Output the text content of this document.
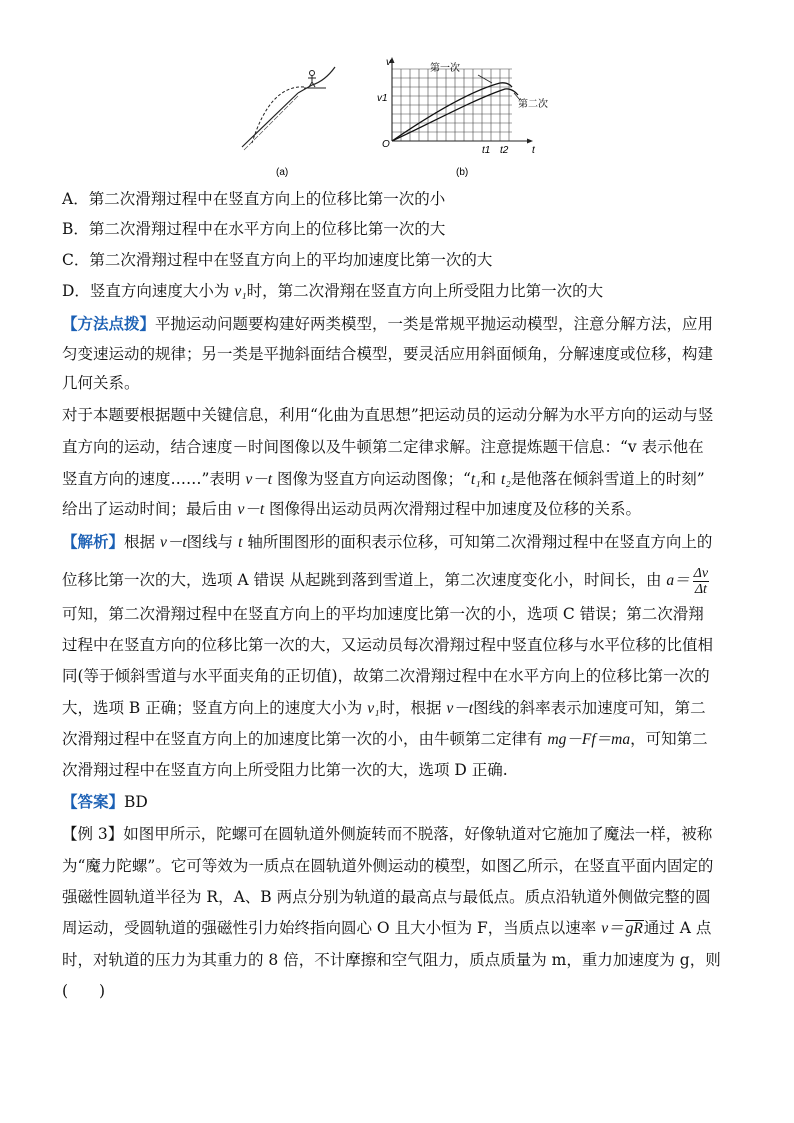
(a)
v
t
O
v1
t1 t2
第一次
第二次
(b)
A．第二次滑翔过程中在竖直方向上的位移比第一次的小
B．第二次滑翔过程中在水平方向上的位移比第一次的大
C．第二次滑翔过程中在竖直方向上的平均加速度比第一次的大
D．竖直方向速度大小为 v₁时，第二次滑翔在竖直方向上所受阻力比第一次的大
【方法点拨】平抛运动问题要构建好两类模型，一类是常规平抛运动模型，注意分解方法，应用
匀变速运动的规律；另一类是平抛斜面结合模型，要灵活应用斜面倾角，分解速度或位移，构建
几何关系。
对于本题要根据题中关键信息，利用“化曲为直思想”把运动员的运动分解为水平方向的运动与竖
直方向的运动，结合速度－时间图像以及牛顿第二定律求解。注意提炼题干信息：“v 表示他在
竖直方向的速度……”表明 v－t 图像为竖直方向运动图像；“t₁和 t₂是他落在倾斜雪道上的时刻”
给出了运动时间；最后由 v－t 图像得出运动员两次滑翔过程中加速度及位移的关系。
【解析】根据 v－t图线与 t 轴所围图形的面积表示位移，可知第二次滑翔过程中在竖直方向上的
位移比第一次的大，选项 A 错误 从起跳到落到雪道上，第二次速度变化小，时间长，由 $a= \frac{\Delta v}{\Delta t}$
可知，第二次滑翔过程中在竖直方向上的平均加速度比第一次的小，选项 C 错误；第二次滑翔
过程中在竖直方向的位移比第一次的大，又运动员每次滑翔过程中竖直位移与水平位移的比值相
同(等于倾斜雪道与水平面夹角的正切值)，故第二次滑翔过程中在水平方向上的位移比第一次的
大，选项 B 正确；竖直方向上的速度大小为 v₁时，根据 v－t图线的斜率表示加速度可知，第二
次滑翔过程中在竖直方向上的加速度比第一次的小，由牛顿第二定律有 mg－Ff＝ma，可知第二
次滑翔过程中在竖直方向上所受阻力比第一次的大，选项 D 正确.
【答案】BD
【例 3】如图甲所示，陀螺可在圆轨道外侧旋转而不脱落，好像轨道对它施加了魔法一样，被称
为“魔力陀螺”。它可等效为一质点在圆轨道外侧运动的模型，如图乙所示，在竖直平面内固定的
强磁性圆轨道半径为 R，A、B 两点分别为轨道的最高点与最低点。质点沿轨道外侧做完整的圆
周运动，受圆轨道的强磁性引力始终指向圆心 O 且大小恒为 F，当质点以速率 v＝ gR通过 A 点
时，对轨道的压力为其重力的 8 倍，不计摩擦和空气阻力，质点质量为 m，重力加速度为 g，则
(　　)
